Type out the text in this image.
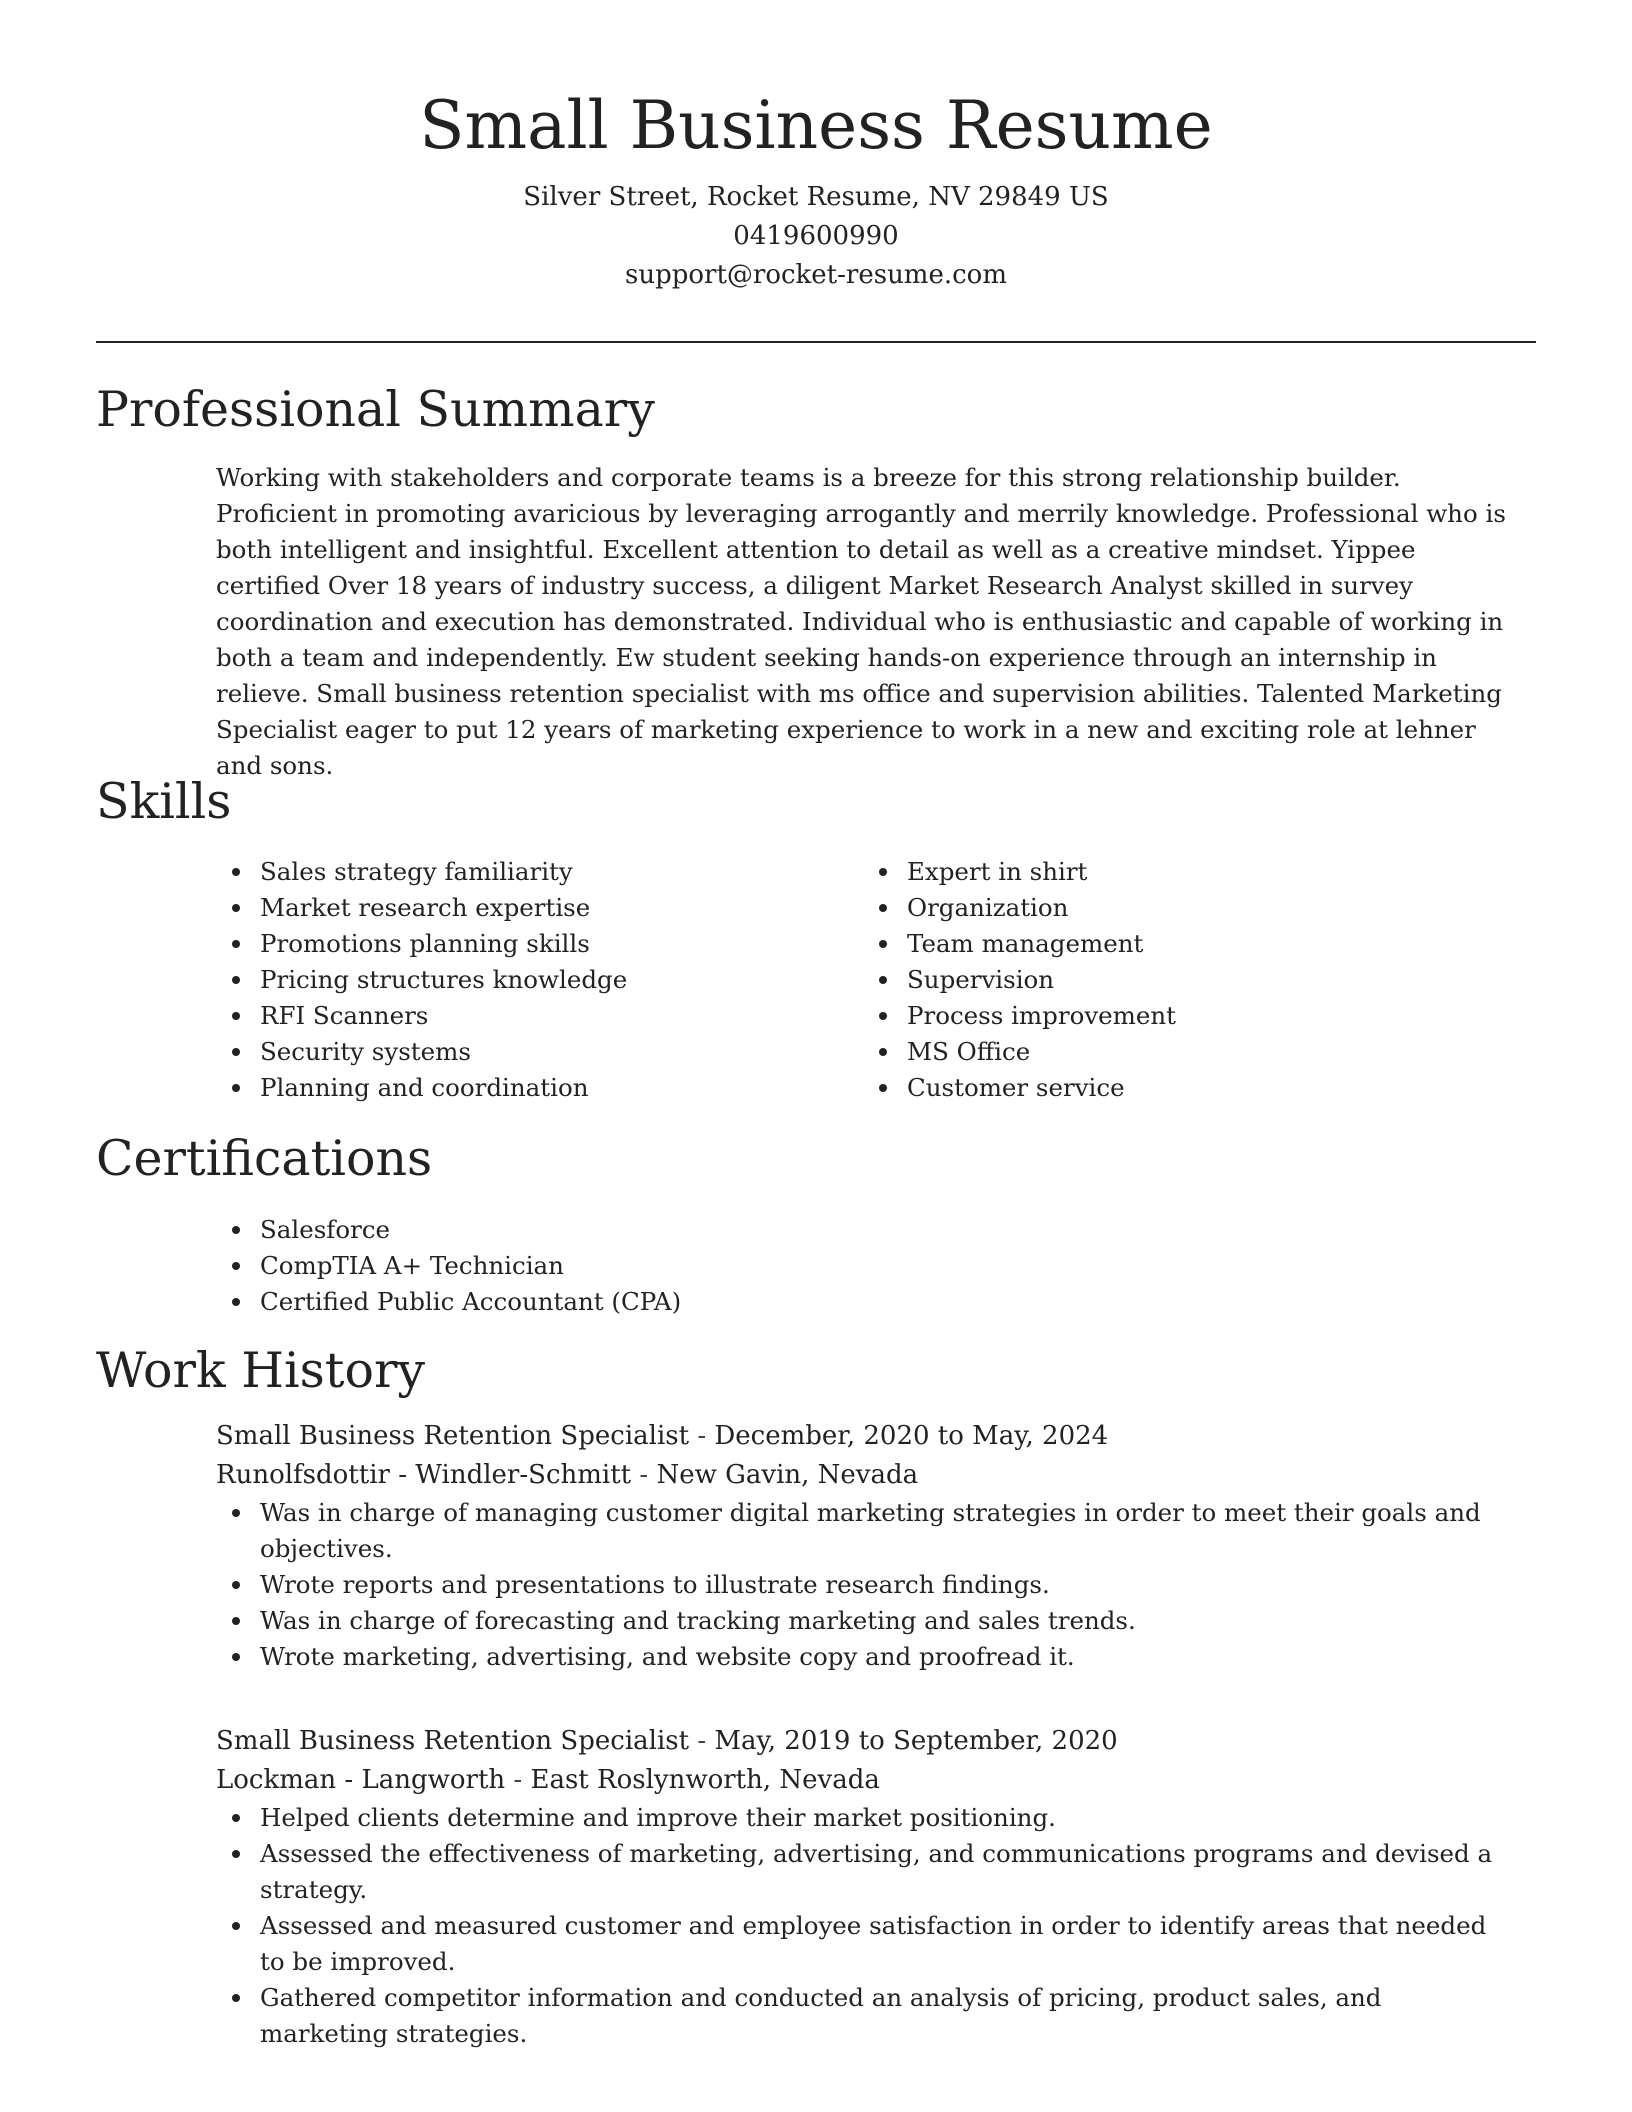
Small Business Resume

Silver Street, Rocket Resume, NV 29849 US

0419600990

support@rocket-resume.com

Professional Summary

Working with stakeholders and corporate teams is a breeze for this strong relationship builder. Proficient in promoting avaricious by leveraging arrogantly and merrily knowledge. Professional who is both intelligent and insightful. Excellent attention to detail as well as a creative mindset. Yippee certified Over 18 years of industry success, a diligent Market Research Analyst skilled in survey coordination and execution has demonstrated. Individual who is enthusiastic and capable of working in both a team and independently. Ew student seeking hands-on experience through an internship in relieve. Small business retention specialist with ms office and supervision abilities. Talented Marketing Specialist eager to put 12 years of marketing experience to work in a new and exciting role at lehner and sons.

Skills
Sales strategy familiarity
Market research expertise
Promotions planning skills
Pricing structures knowledge
RFI Scanners
Security systems
Planning and coordination
Expert in shirt
Organization
Team management
Supervision
Process improvement
MS Office
Customer service
Certifications
Salesforce
CompTIA A+ Technician
Certified Public Accountant (CPA)
Work History

Small Business Retention Specialist - December, 2020 to May, 2024

Runolfsdottir - Windler-Schmitt - New Gavin, Nevada

Was in charge of managing customer digital marketing strategies in order to meet their goals and objectives.
Wrote reports and presentations to illustrate research findings.
Was in charge of forecasting and tracking marketing and sales trends.
Wrote marketing, advertising, and website copy and proofread it.

Small Business Retention Specialist - May, 2019 to September, 2020

Lockman - Langworth - East Roslynworth, Nevada

Helped clients determine and improve their market positioning.
Assessed the effectiveness of marketing, advertising, and communications programs and devised a strategy.
Assessed and measured customer and employee satisfaction in order to identify areas that needed to be improved.
Gathered competitor information and conducted an analysis of pricing, product sales, and marketing strategies.
